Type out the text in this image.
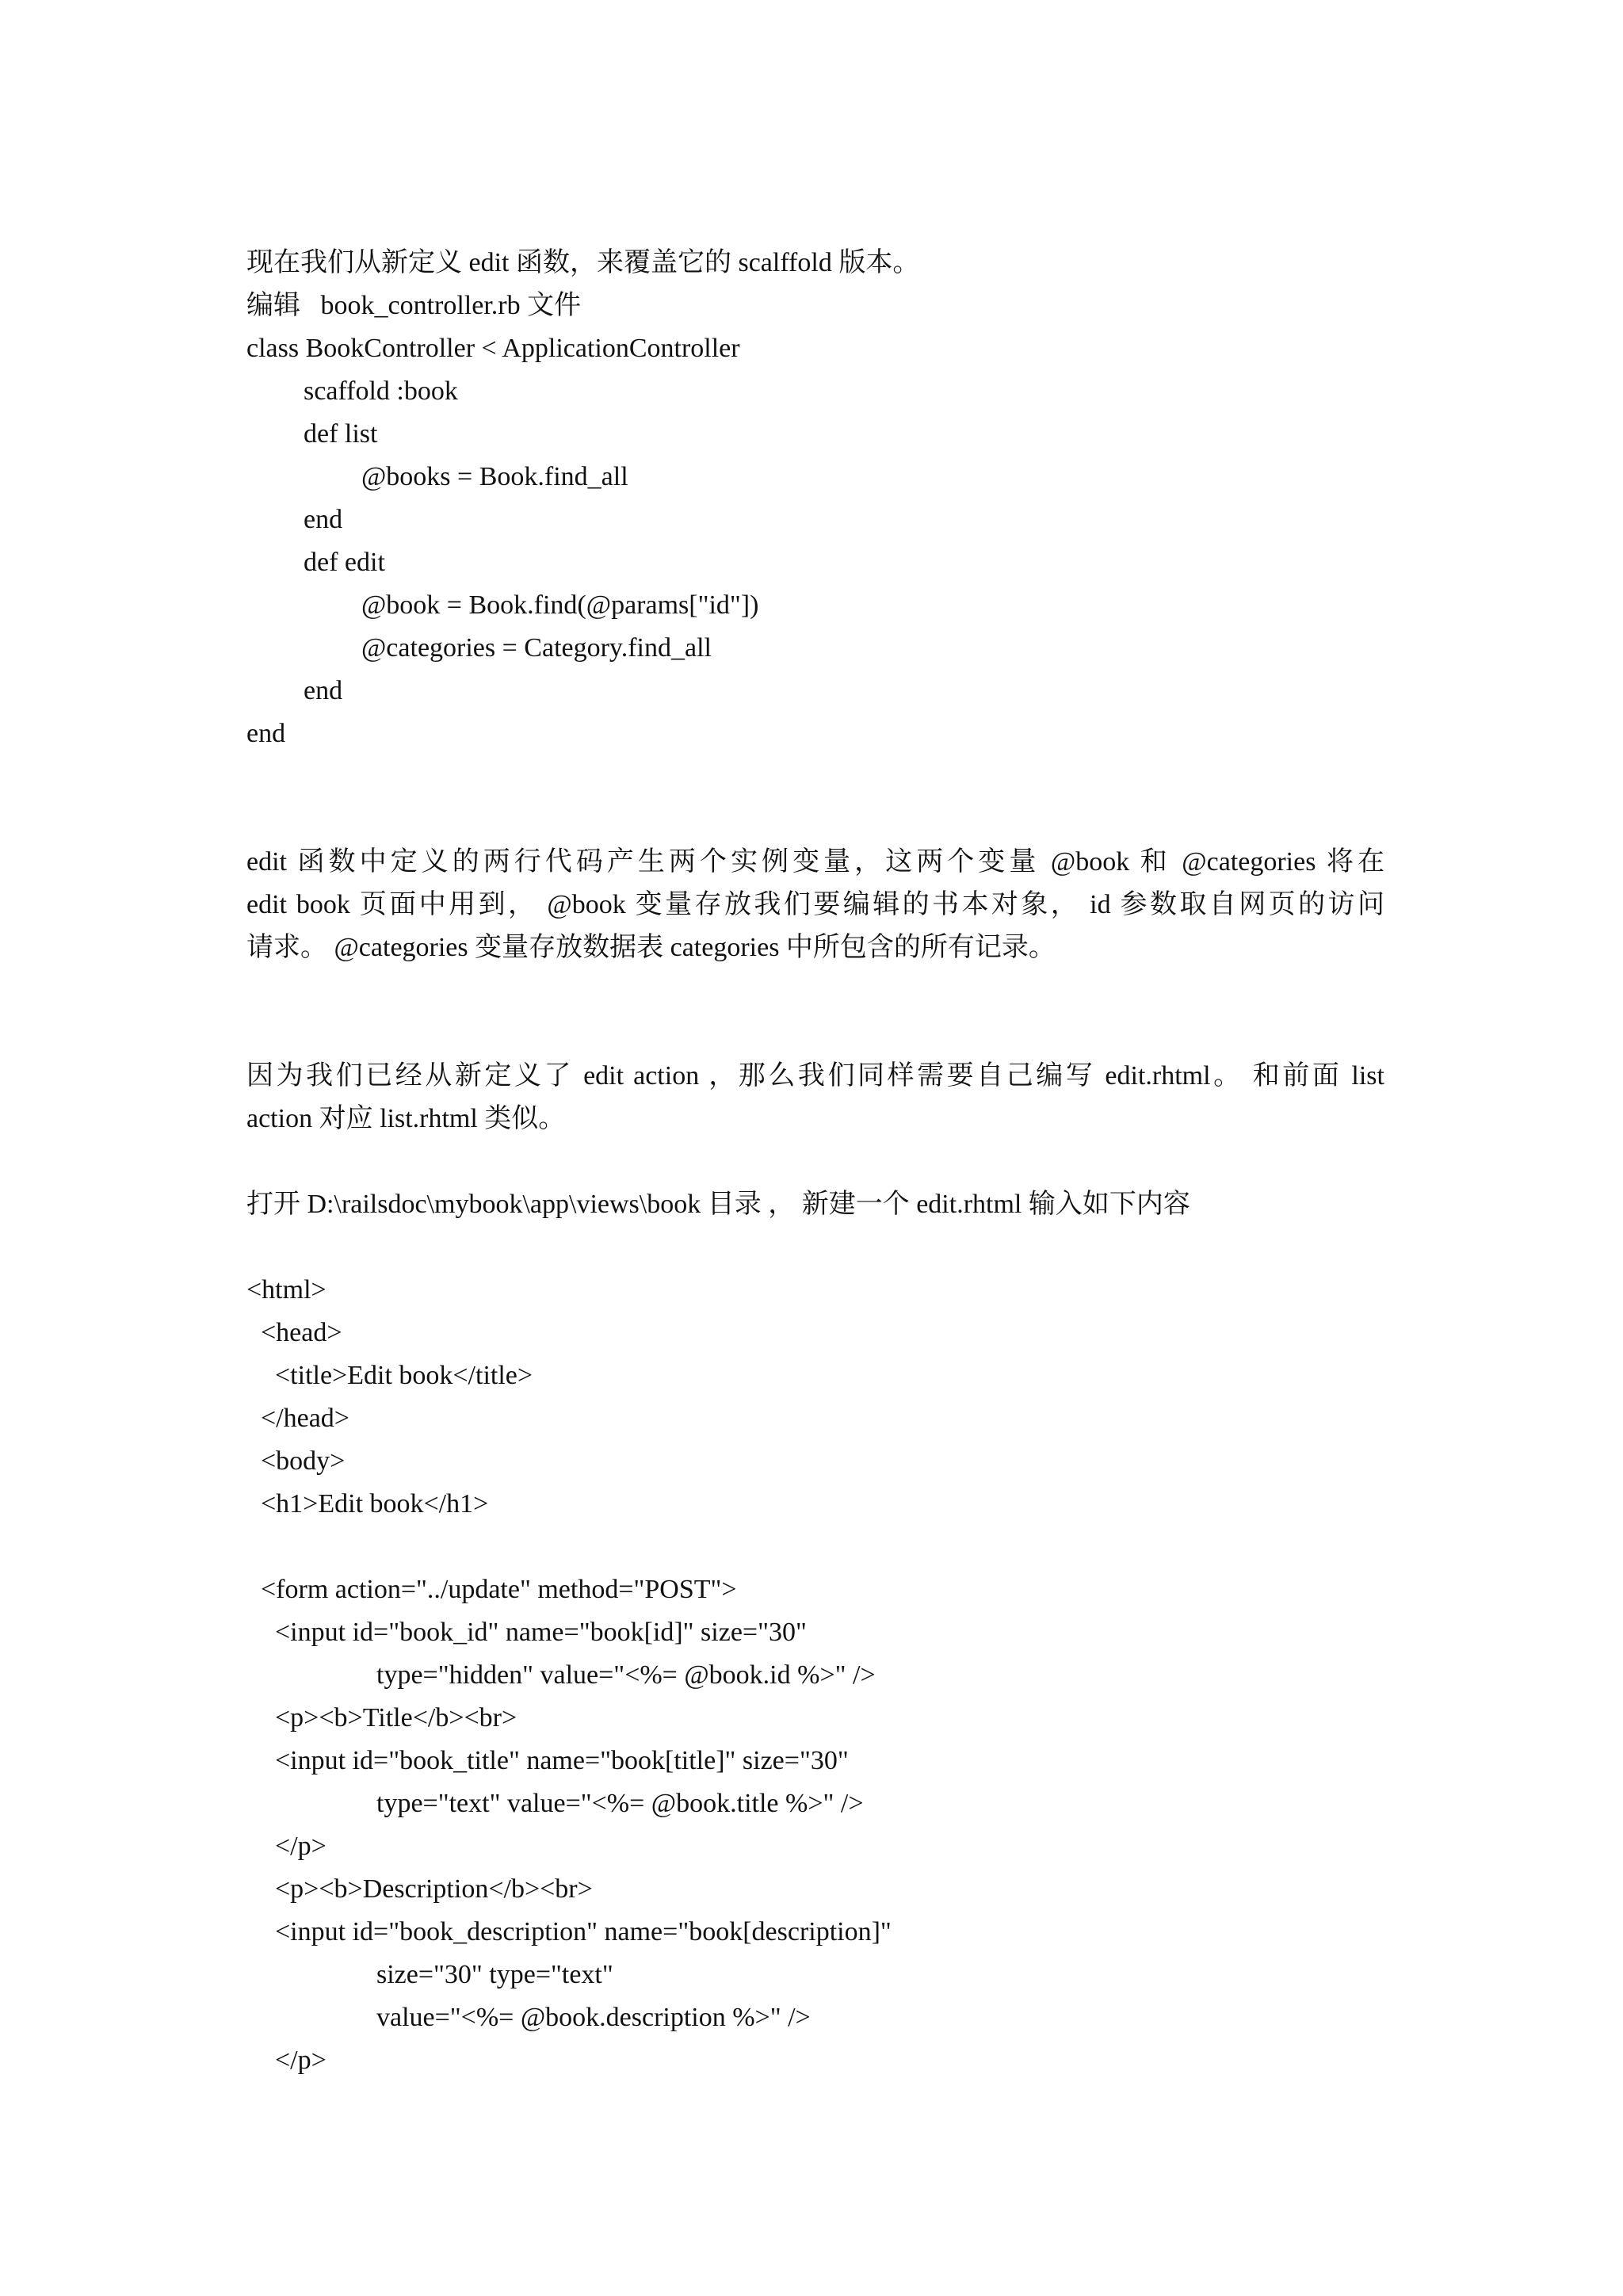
现在我们从新定义 edit 函数，来覆盖它的 scalffold 版本。
编辑   book_controller.rb 文件
class BookController < ApplicationController
scaffold :book
def list
@books = Book.find_all
end
def edit
@book = Book.find(@params["id"])
@categories = Category.find_all
end
end
edit 函数中定义的两行代码产生两个实例变量，这两个变量 @book 和 @categories 将在
edit book 页面中用到， @book 变量存放我们要编辑的书本对象， id 参数取自网页的访问
请求。 @categories 变量存放数据表 categories 中所包含的所有记录。
因为我们已经从新定义了 edit action ，那么我们同样需要自己编写 edit.rhtml。 和前面 list
action 对应 list.rhtml 类似。
打开 D:\railsdoc\mybook\app\views\book 目录 ， 新建一个 edit.rhtml 输入如下内容
<html>
<head>
<title>Edit book</title>
</head>
<body>
<h1>Edit book</h1>
<form action="../update" method="POST">
<input id="book_id" name="book[id]" size="30"
type="hidden" value="<%= @book.id %>" />
<p><b>Title</b><br>
<input id="book_title" name="book[title]" size="30"
type="text" value="<%= @book.title %>" />
</p>
<p><b>Description</b><br>
<input id="book_description" name="book[description]"
size="30" type="text"
value="<%= @book.description %>" />
</p>
